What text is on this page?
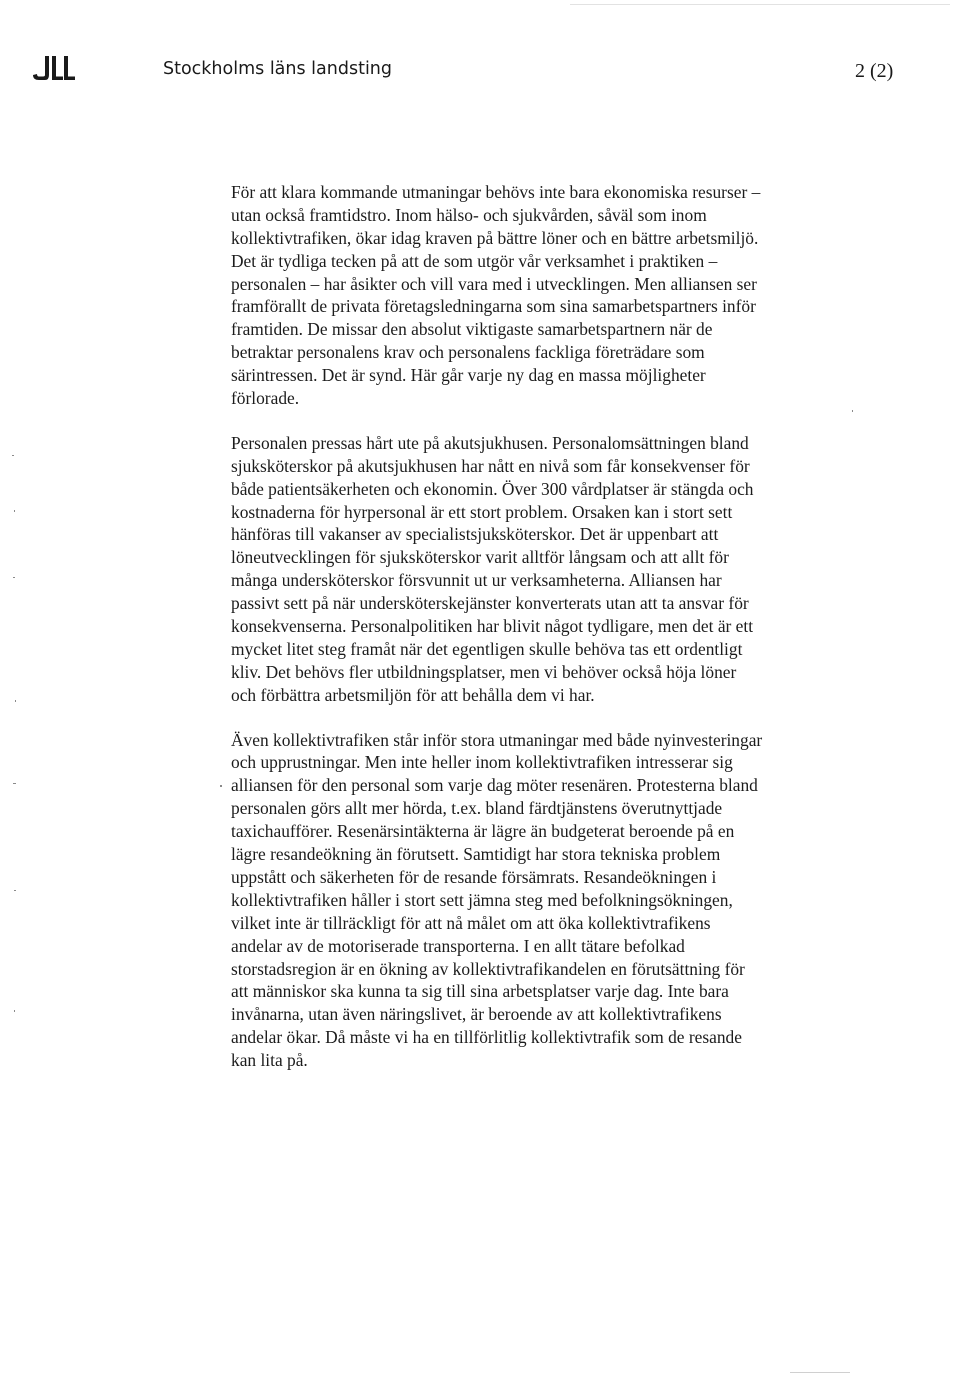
Stockholms läns landsting	2 (2)
För att klara kommande utmaningar behövs inte bara ekonomiska resurser –
utan också framtidstro. Inom hälso- och sjukvården, såväl som inom
kollektivtrafiken, ökar idag kraven på bättre löner och en bättre arbetsmiljö.
Det är tydliga tecken på att de som utgör vår verksamhet i praktiken –
personalen – har åsikter och vill vara med i utvecklingen. Men alliansen ser
framförallt de privata företagsledningarna som sina samarbetspartners inför
framtiden. De missar den absolut viktigaste samarbetspartnern när de
betraktar personalens krav och personalens fackliga företrädare som
särintressen. Det är synd. Här går varje ny dag en massa möjligheter
förlorade.
Personalen pressas hårt ute på akutsjukhusen. Personalomsättningen bland
sjuksköterskor på akutsjukhusen har nått en nivå som får konsekvenser för
både patientsäkerheten och ekonomin. Över 300 vårdplatser är stängda och
kostnaderna för hyrpersonal är ett stort problem. Orsaken kan i stort sett
hänföras till vakanser av specialistsjuksköterskor. Det är uppenbart att
löneutvecklingen för sjuksköterskor varit alltför långsam och att allt för
många undersköterskor försvunnit ut ur verksamheterna. Alliansen har
passivt sett på när undersköterskejänster konverterats utan att ta ansvar för
konsekvenserna. Personalpolitiken har blivit något tydligare, men det är ett
mycket litet steg framåt när det egentligen skulle behöva tas ett ordentligt
kliv. Det behövs fler utbildningsplatser, men vi behöver också höja löner
och förbättra arbetsmiljön för att behålla dem vi har.
Även kollektivtrafiken står inför stora utmaningar med både nyinvesteringar
och upprustningar. Men inte heller inom kollektivtrafiken intresserar sig
alliansen för den personal som varje dag möter resenären. Protesterna bland
personalen görs allt mer hörda, t.ex. bland färdtjänstens överutnyttjade
taxichaufförer. Resenärsintäkterna är lägre än budgeterat beroende på en
lägre resandeökning än förutsett. Samtidigt har stora tekniska problem
uppstått och säkerheten för de resande försämrats. Resandeökningen i
kollektivtrafiken håller i stort sett jämna steg med befolkningsökningen,
vilket inte är tillräckligt för att nå målet om att öka kollektivtrafikens
andelar av de motoriserade transporterna. I en allt tätare befolkad
storstadsregion är en ökning av kollektivtrafikandelen en förutsättning för
att människor ska kunna ta sig till sina arbetsplatser varje dag. Inte bara
invånarna, utan även näringslivet, är beroende av att kollektivtrafikens
andelar ökar. Då måste vi ha en tillförlitlig kollektivtrafik som de resande
kan lita på.
